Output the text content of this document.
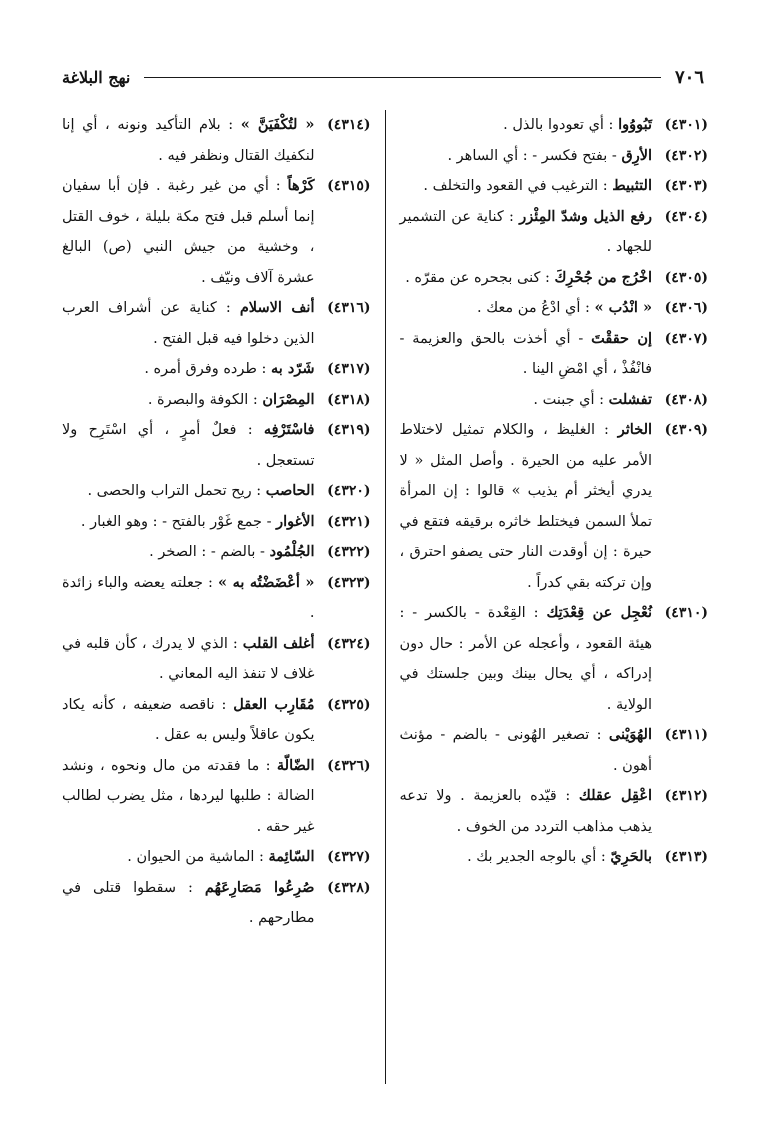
٧٠٦
نهج البلاغة
(٤٣٠١)
تَبُووُوا : أي تعودوا بالذل .
(٤٣٠٢)
الأرِق - بفتح فكسر - : أي الساهر .
(٤٣٠٣)
التثبيط : الترغيب في القعود والتخلف .
(٤٣٠٤)
رفع الذيل وشدّ المِئْزر : كناية عن التشمير للجهاد .
(٤٣٠٥)
اخْرُج من جُحْرِكَ : كنى بجحره عن مقرّه .
(٤٣٠٦)
« انْدُب » : أي ادْعُ من معك .
(٤٣٠٧)
إن حققْتَ - أي أخذت بالحق والعزيمة - فانْفُذْ ، أي امْضِ الينا .
(٤٣٠٨)
تفشلت : أي جبنت .
(٤٣٠٩)
الخاثر : الغليظ ، والكلام تمثيل لاختلاط الأمر عليه من الحيرة . وأصل المثل « لا يدري أيخثر أم يذيب » قالوا : إن المرأة تملأ السمن فيختلط خاثره برقيقه فتقع في حيرة : إن أوقدت النار حتى يصفو احترق ، وإن تركته بقي كدراً .
(٤٣١٠)
نُعْجِل عن قِعْدَتِك : القِعْدة - بالكسر - : هيئة القعود ، وأعجله عن الأمر : حال دون إدراكه ، أي يحال بينك وبين جلستك في الولاية .
(٤٣١١)
الهُوَيْنى : تصغير الهُونى - بالضم - مؤنث أهون .
(٤٣١٢)
اعْقِل عقلك : قيّده بالعزيمة . ولا تدعه يذهب مذاهب التردد من الخوف .
(٤٣١٣)
بالحَرِيّ : أي بالوجه الجدير بك .
(٤٣١٤)
« لتُكْفَيَنَّ » : بلام التأكيد ونونه ، أي إنا لنكفيك القتال ونظفر فيه .
(٤٣١٥)
كَرْهاً : أي من غير رغبة . فإن أبا سفيان إنما أسلم قبل فتح مكة بليلة ، خوف القتل ، وخشية من جيش النبي (ص) البالغ عشرة آلاف ونيّف .
(٤٣١٦)
أنف الاسلام : كناية عن أشراف العرب الذين دخلوا فيه قبل الفتح .
(٤٣١٧)
شَرّد به : طرده وفرق أمره .
(٤٣١٨)
المِصْرَان : الكوفة والبصرة .
(٤٣١٩)
فاسْتَرْفِه : فعلٌ أمرٍ ، أي اسْتَرِح ولا تستعجل .
(٤٣٢٠)
الحاصب : ريح تحمل التراب والحصى .
(٤٣٢١)
الأغوار - جمع غَوْر بالفتح - : وهو الغبار .
(٤٣٢٢)
الجُلْمُود - بالضم - : الصخر .
(٤٣٢٣)
« أعْضَضْتُه به » : جعلته يعضه والباء زائدة .
(٤٣٢٤)
أغلف القلب : الذي لا يدرك ، كأن قلبه في غلاف لا تنفذ اليه المعاني .
(٤٣٢٥)
مُقَارِب العقل : ناقصه ضعيفه ، كأنه يكاد يكون عاقلاً وليس به عقل .
(٤٣٢٦)
الضّالّة : ما فقدته من مال ونحوه ، ونشد الضالة : طلبها ليردها ، مثل يضرب لطالب غير حقه .
(٤٣٢٧)
السّائِمة : الماشية من الحيوان .
(٤٣٢٨)
صُرِعُوا مَصَارِعَهُم : سقطوا قتلى في مطارحهم .
